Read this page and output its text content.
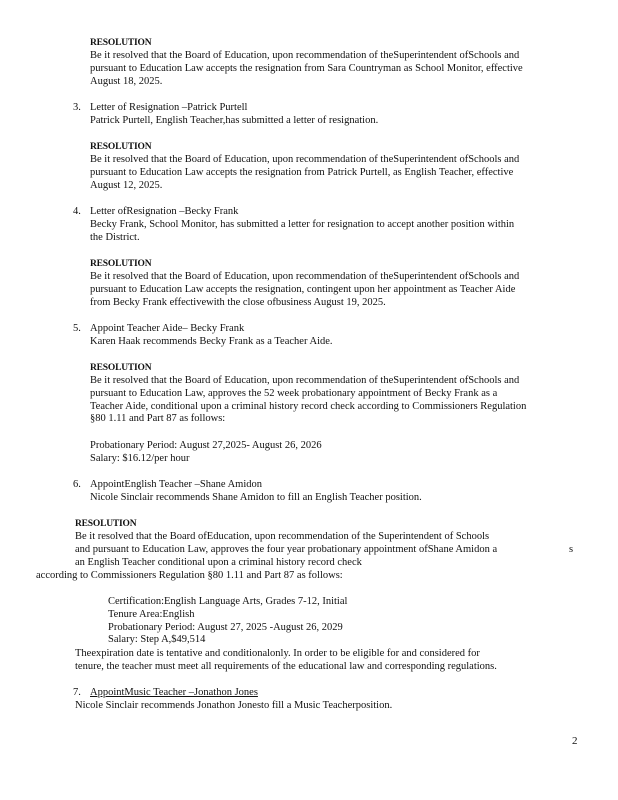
RESOLUTION
Be it resolved that the Board of Education, upon recommendation of theSuperintendent ofSchools and
pursuant to Education Law accepts the resignation from Sara Countryman as School Monitor, effective
August 18, 2025.
3. Letter of Resignation –Patrick Purtell
Patrick Purtell, English Teacher,has submitted a letter of resignation.
RESOLUTION
Be it resolved that the Board of Education, upon recommendation of theSuperintendent ofSchools and
pursuant to Education Law accepts the resignation from Patrick Purtell, as English Teacher, effective
August 12, 2025.
4. Letter ofResignation –Becky Frank
Becky Frank, School Monitor, has submitted a letter for resignation to accept another position within
the District.
RESOLUTION
Be it resolved that the Board of Education, upon recommendation of theSuperintendent ofSchools and
pursuant to Education Law accepts the resignation, contingent upon her appointment as Teacher Aide
from Becky Frank effectivewith the close ofbusiness August 19, 2025.
5. Appoint Teacher Aide– Becky Frank
Karen Haak recommends Becky Frank as a Teacher Aide.
RESOLUTION
Be it resolved that the Board of Education, upon recommendation of theSuperintendent ofSchools and
pursuant to Education Law, approves the 52 week probationary appointment of Becky Frank as a
Teacher Aide, conditional upon a criminal history record check according to Commissioners Regulation
§80 1.11 and Part 87 as follows:
Probationary Period: August 27,2025- August 26, 2026
Salary: $16.12/per hour
6. AppointEnglish Teacher –Shane Amidon
Nicole Sinclair recommends Shane Amidon to fill an English Teacher position.
RESOLUTION
Be it resolved that the Board ofEducation, upon recommendation of the Superintendent of Schools
and pursuant to Education Law, approves the four year probationary appointment ofShane Amidon a	s
an English Teacher conditional upon a criminal history record check
according to Commissioners Regulation §80 1.11 and Part 87 as follows:
Certification:English Language Arts, Grades 7-12, Initial
Tenure Area:English
Probationary Period: August 27, 2025 -August 26, 2029
Salary: Step A,$49,514
Theexpiration date is tentative and conditionalonly. In order to be eligible for and considered for
tenure, the teacher must meet all requirements of the educational law and corresponding regulations.
7. AppointMusic Teacher –Jonathon Jones
Nicole Sinclair recommends Jonathon Jonesto fill a Music Teacherposition.
2
